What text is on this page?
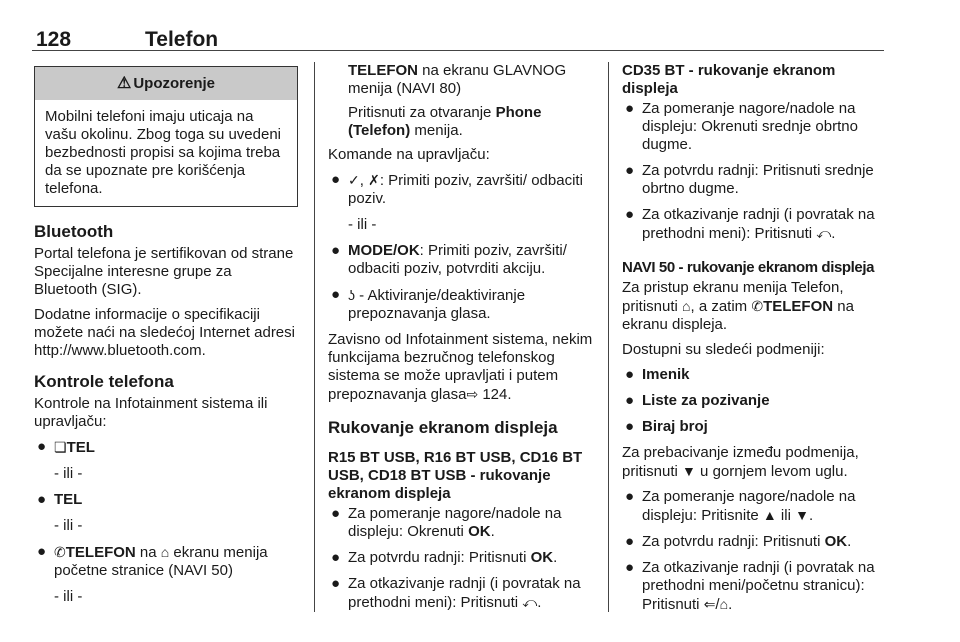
128	Telefon
⚠ Upozorenje
Mobilni telefoni imaju uticaja na vašu okolinu. Zbog toga su uvedeni bezbednosti propisi sa kojima treba da se upoznate pre korišćenja telefona.
Bluetooth
Portal telefona je sertifikovan od strane Specijalne interesne grupe za Bluetooth (SIG).
Dodatne informacije o specifikaciji možete naći na sledećoj Internet adresi http://www.bluetooth.com.
Kontrole telefona
Kontrole na Infotainment sistema ili upravljaču:
● ❏TEL
- ili -
● TEL
- ili -
● ✆TELEFON na ⌂ ekranu menija početne stranice (NAVI 50)
- ili -
TELEFON na ekranu GLAVNOG menija (NAVI 80)
Pritisnuti za otvaranje Phone (Telefon) menija.
Komande na upravljaču:
● ✓, ✗: Primiti poziv, završiti/ odbaciti poziv.
- ili -
● MODE/OK: Primiti poziv, završiti/ odbaciti poziv, potvrditi akciju.
● ʖ - Aktiviranje/deaktiviranje prepoznavanja glasa.
Zavisno od Infotainment sistema, nekim funkcijama bezručnog telefonskog sistema se može upravljati i putem prepoznavanja glasa⇨ 124.
Rukovanje ekranom displeja
R15 BT USB, R16 BT USB, CD16 BT USB, CD18 BT USB - rukovanje ekranom displeja
● Za pomeranje nagore/nadole na displeju: Okrenuti OK.
● Za potvrdu radnji: Pritisnuti OK.
● Za otkazivanje radnji (i povratak na prethodni meni): Pritisnuti ⤺.
CD35 BT - rukovanje ekranom displeja
● Za pomeranje nagore/nadole na displeju: Okrenuti srednje obrtno dugme.
● Za potvrdu radnji: Pritisnuti srednje obrtno dugme.
● Za otkazivanje radnji (i povratak na prethodni meni): Pritisnuti ⤺.
NAVI 50 - rukovanje ekranom displeja
Za pristup ekranu menija Telefon, pritisnuti ⌂, a zatim ✆TELEFON na ekranu displeja.
Dostupni su sledeći podmeniji:
● Imenik
● Liste za pozivanje
● Biraj broj
Za prebacivanje između podmenija, pritisnuti ▼ u gornjem levom uglu.
● Za pomeranje nagore/nadole na displeju: Pritisnite ▲ ili ▼.
● Za potvrdu radnji: Pritisnuti OK.
● Za otkazivanje radnji (i povratak na prethodni meni/početnu stranicu): Pritisnuti ⇐/⌂.
